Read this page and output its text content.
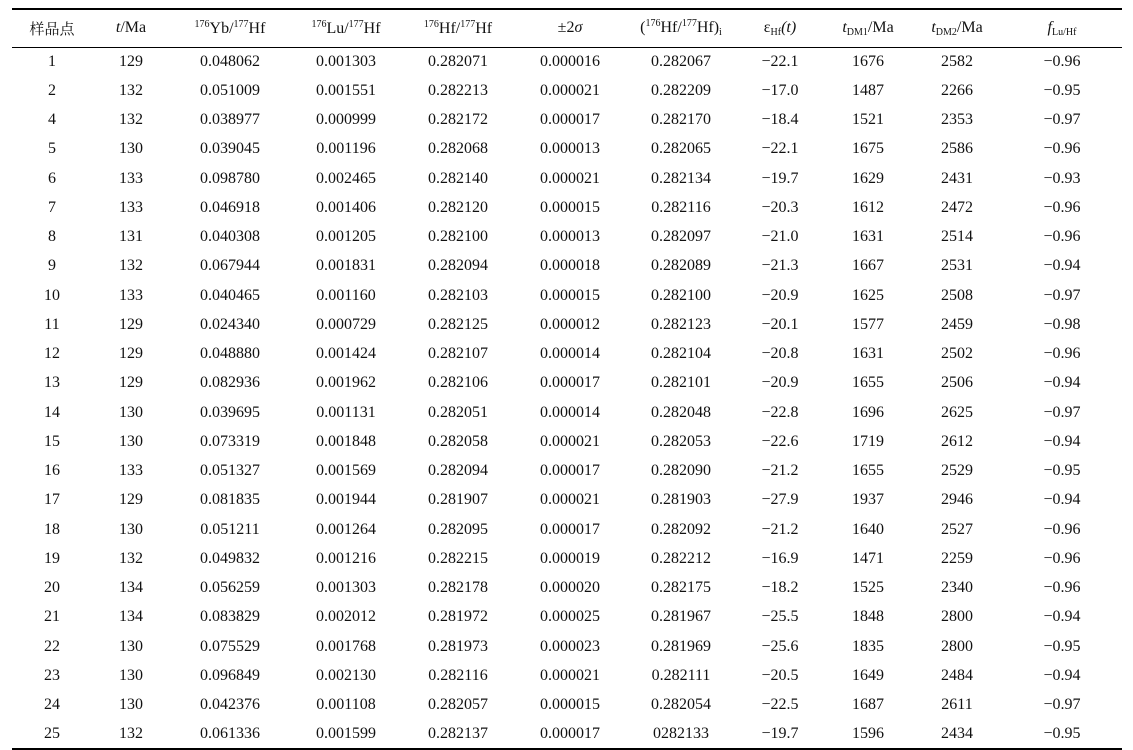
样品点	t/Ma	$^{176}$Yb/$^{177}$Hf	$^{176}$Lu/$^{177}$Hf	$^{176}$Hf/$^{177}$Hf	±2σ	$(^{176}Hf/^{177}Hf)_i$	$\varepsilon_{Hf}(t)$	$t_{DM1}/Ma$	$t_{DM2}/Ma$	$f_{Lu/Hf}$
1	129	0.048062	0.001303	0.282071	0.000016	0.282067	−22.1	1676	2582	−0.96
2	132	0.051009	0.001551	0.282213	0.000021	0.282209	−17.0	1487	2266	−0.95
4	132	0.038977	0.000999	0.282172	0.000017	0.282170	−18.4	1521	2353	−0.97
5	130	0.039045	0.001196	0.282068	0.000013	0.282065	−22.1	1675	2586	−0.96
6	133	0.098780	0.002465	0.282140	0.000021	0.282134	−19.7	1629	2431	−0.93
7	133	0.046918	0.001406	0.282120	0.000015	0.282116	−20.3	1612	2472	−0.96
8	131	0.040308	0.001205	0.282100	0.000013	0.282097	−21.0	1631	2514	−0.96
9	132	0.067944	0.001831	0.282094	0.000018	0.282089	−21.3	1667	2531	−0.94
10	133	0.040465	0.001160	0.282103	0.000015	0.282100	−20.9	1625	2508	−0.97
11	129	0.024340	0.000729	0.282125	0.000012	0.282123	−20.1	1577	2459	−0.98
12	129	0.048880	0.001424	0.282107	0.000014	0.282104	−20.8	1631	2502	−0.96
13	129	0.082936	0.001962	0.282106	0.000017	0.282101	−20.9	1655	2506	−0.94
14	130	0.039695	0.001131	0.282051	0.000014	0.282048	−22.8	1696	2625	−0.97
15	130	0.073319	0.001848	0.282058	0.000021	0.282053	−22.6	1719	2612	−0.94
16	133	0.051327	0.001569	0.282094	0.000017	0.282090	−21.2	1655	2529	−0.95
17	129	0.081835	0.001944	0.281907	0.000021	0.281903	−27.9	1937	2946	−0.94
18	130	0.051211	0.001264	0.282095	0.000017	0.282092	−21.2	1640	2527	−0.96
19	132	0.049832	0.001216	0.282215	0.000019	0.282212	−16.9	1471	2259	−0.96
20	134	0.056259	0.001303	0.282178	0.000020	0.282175	−18.2	1525	2340	−0.96
21	134	0.083829	0.002012	0.281972	0.000025	0.281967	−25.5	1848	2800	−0.94
22	130	0.075529	0.001768	0.281973	0.000023	0.281969	−25.6	1835	2800	−0.95
23	130	0.096849	0.002130	0.282116	0.000021	0.282111	−20.5	1649	2484	−0.94
24	130	0.042376	0.001108	0.282057	0.000015	0.282054	−22.5	1687	2611	−0.97
25	132	0.061336	0.001599	0.282137	0.000017	0282133	−19.7	1596	2434	−0.95
